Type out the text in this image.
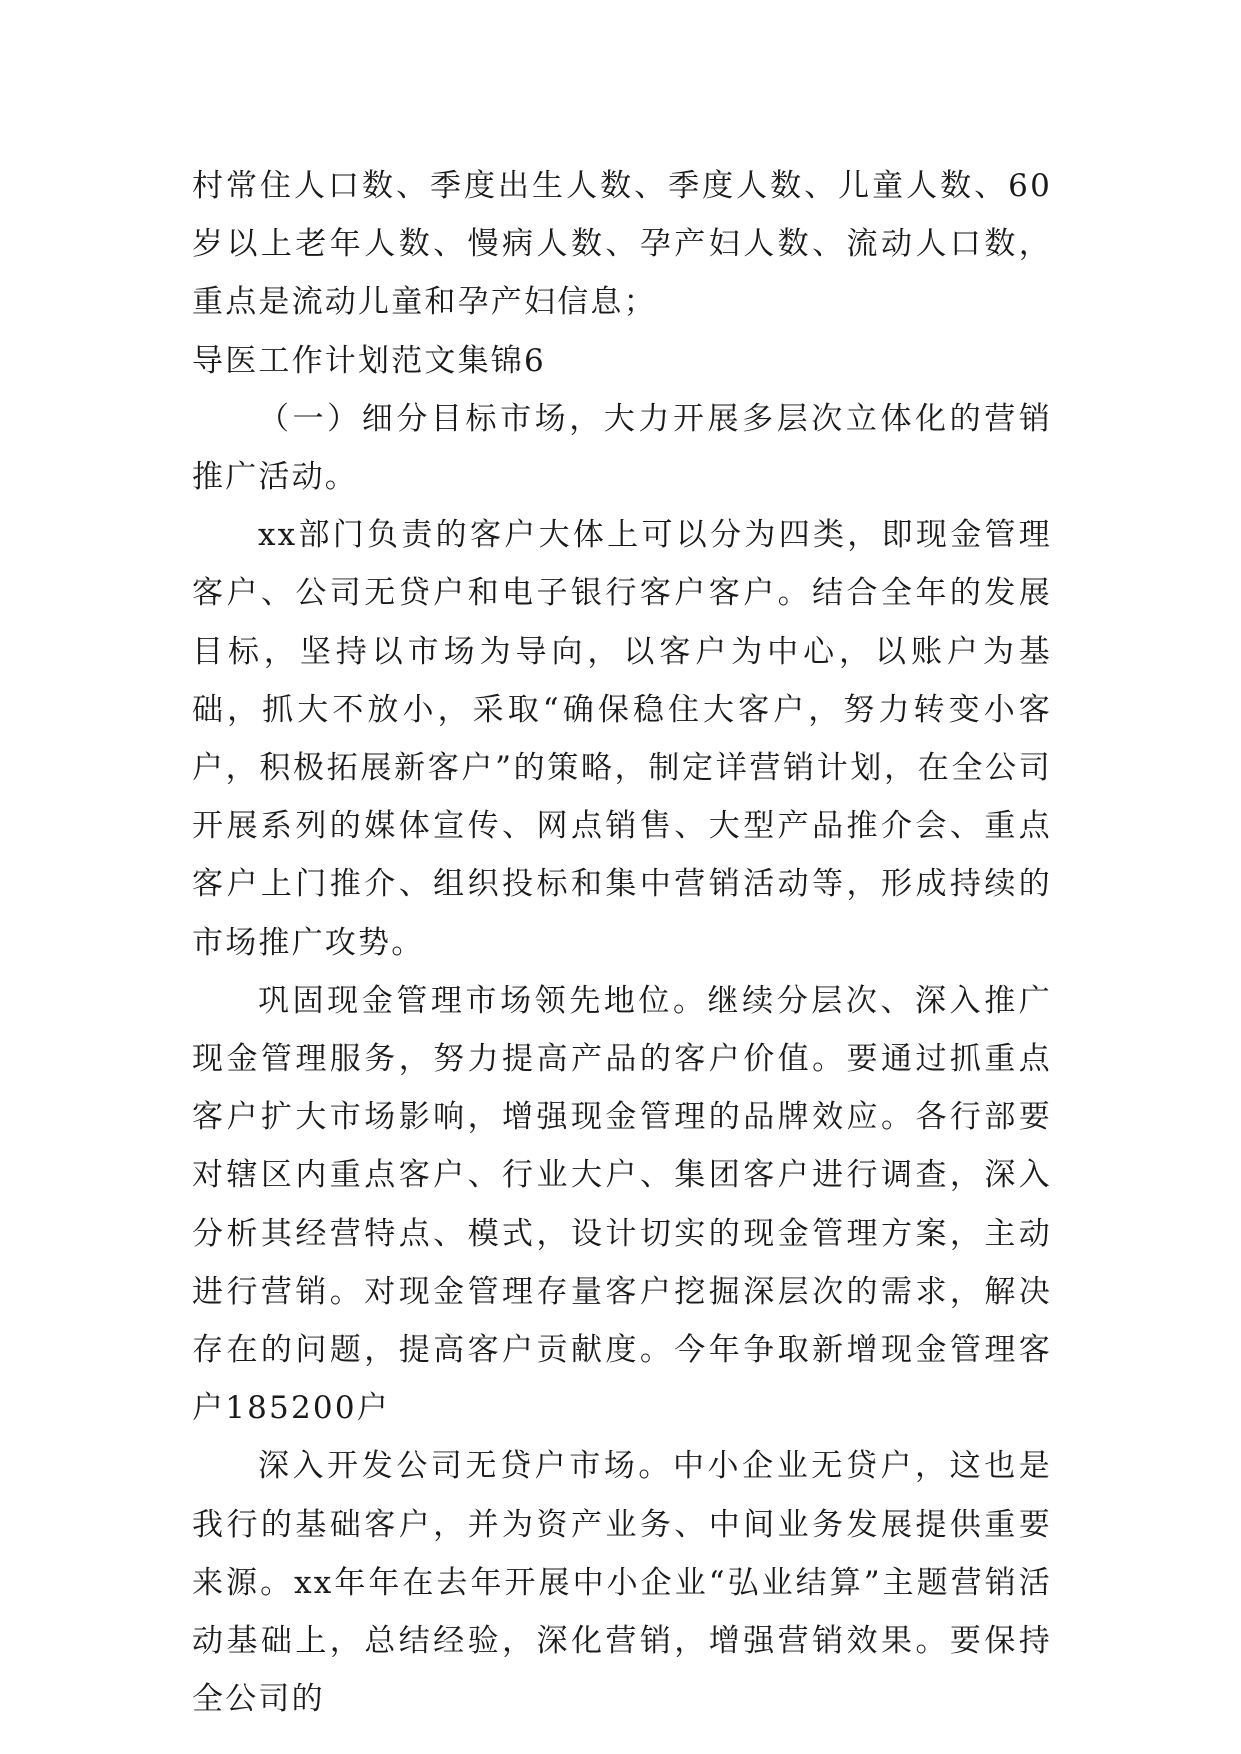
村常住人口数、季度出生人数、季度人数、儿童人数、60岁以上老年人数、慢病人数、孕产妇人数、流动人口数，重点是流动儿童和孕产妇信息；

导医工作计划范文集锦6

（一）细分目标市场，大力开展多层次立体化的营销推广活动。

xx部门负责的客户大体上可以分为四类，即现金管理客户、公司无贷户和电子银行客户客户。结合全年的发展目标，坚持以市场为导向，以客户为中心，以账户为基础，抓大不放小，采取“确保稳住大客户，努力转变小客户，积极拓展新客户”的策略，制定详营销计划，在全公司开展系列的媒体宣传、网点销售、大型产品推介会、重点客户上门推介、组织投标和集中营销活动等，形成持续的市场推广攻势。

巩固现金管理市场领先地位。继续分层次、深入推广现金管理服务，努力提高产品的客户价值。要通过抓重点客户扩大市场影响，增强现金管理的品牌效应。各行部要对辖区内重点客户、行业大户、集团客户进行调查，深入分析其经营特点、模式，设计切实的现金管理方案，主动进行营销。对现金管理存量客户挖掘深层次的需求，解决存在的问题，提高客户贡献度。今年争取新增现金管理客户185200户

深入开发公司无贷户市场。中小企业无贷户，这也是我行的基础客户，并为资产业务、中间业务发展提供重要来源。xx年年在去年开展中小企业“弘业结算”主题营销活动基础上，总结经验，深化营销，增强营销效果。要保持全公司的
